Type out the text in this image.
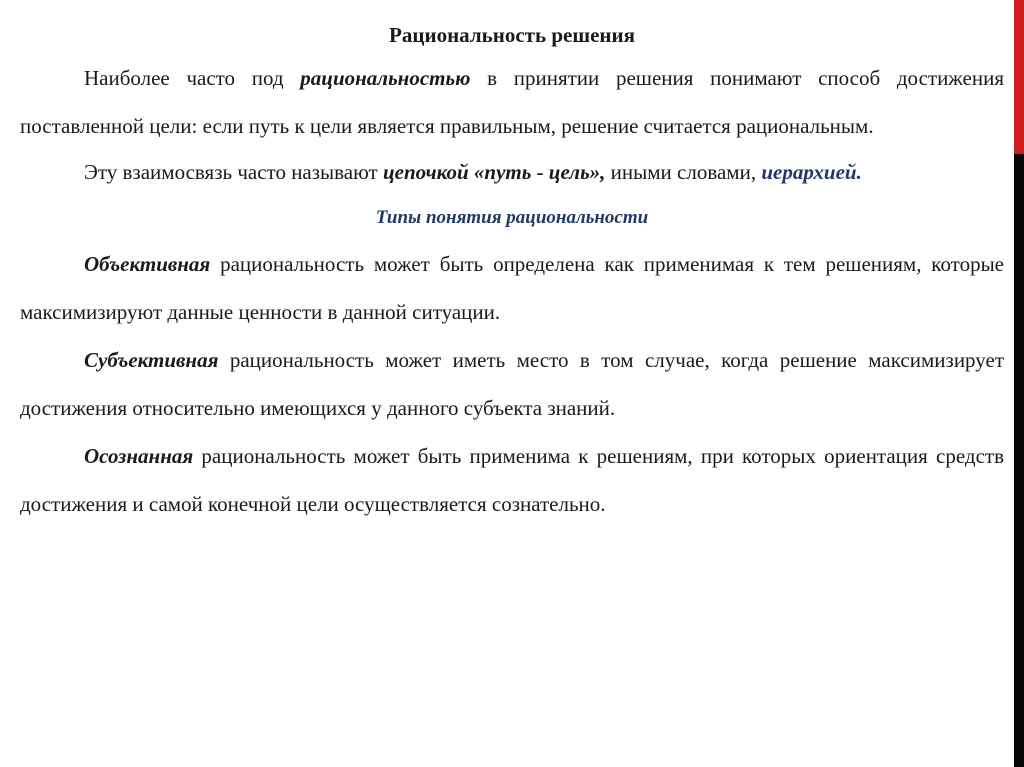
Рациональность решения

Наиболее часто под рациональностью в принятии решения понимают способ достижения поставленной цели: если путь к цели является правильным, решение считается рациональным.

Эту взаимосвязь часто называют цепочкой «путь - цель», иными словами, иерархией.

Типы понятия рациональности

Объективная рациональность может быть определена как применимая к тем решениям, которые максимизируют данные ценности в данной ситуации.

Субъективная рациональность может иметь место в том случае, когда решение максимизирует достижения относительно имеющихся у данного субъекта знаний.

Осознанная рациональность может быть применима к решениям, при которых ориентация средств достижения и самой конечной цели осуществляется сознательно.
